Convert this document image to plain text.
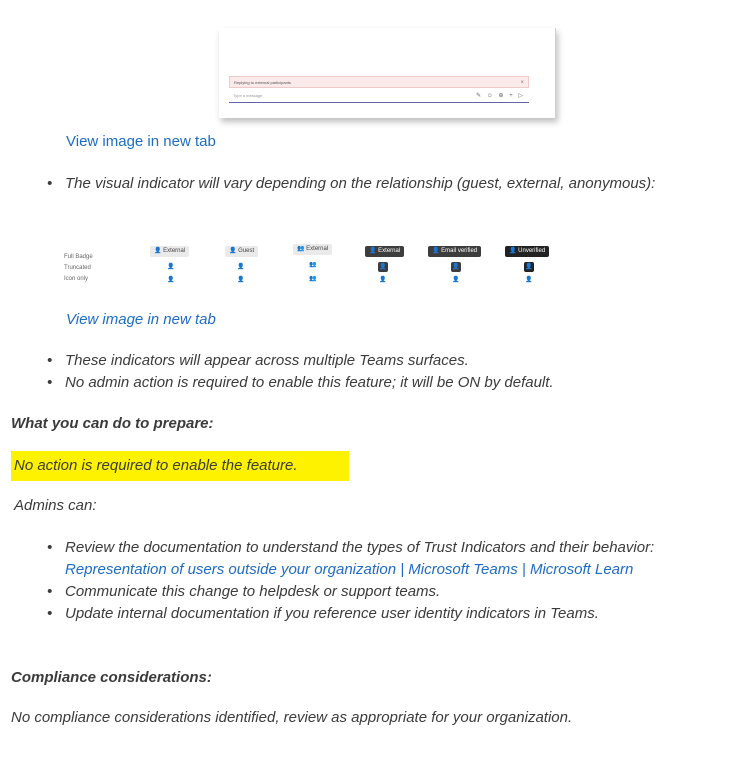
Replying to external participants	×
Type a message	✎ ☺ ⊕ + ▷
View image in new tab
• The visual indicator will vary depending on the relationship (guest, external, anonymous):
Full Badge
Truncated
Icon only
👤 External
👤
👤
👤 Guest
👤
👤
👥 External
👥
👥
👤 External
👤
👤
👤 Email verified
👤
👤
👤 Unverified
👤
👤
View image in new tab
• These indicators will appear across multiple Teams surfaces.
• No admin action is required to enable this feature; it will be ON by default.
What you can do to prepare:
No action is required to enable the feature.
Admins can:
• Review the documentation to understand the types of Trust Indicators and their behavior: Representation of users outside your organization | Microsoft Teams | Microsoft Learn
• Communicate this change to helpdesk or support teams.
• Update internal documentation if you reference user identity indicators in Teams.
Compliance considerations:
No compliance considerations identified, review as appropriate for your organization.
